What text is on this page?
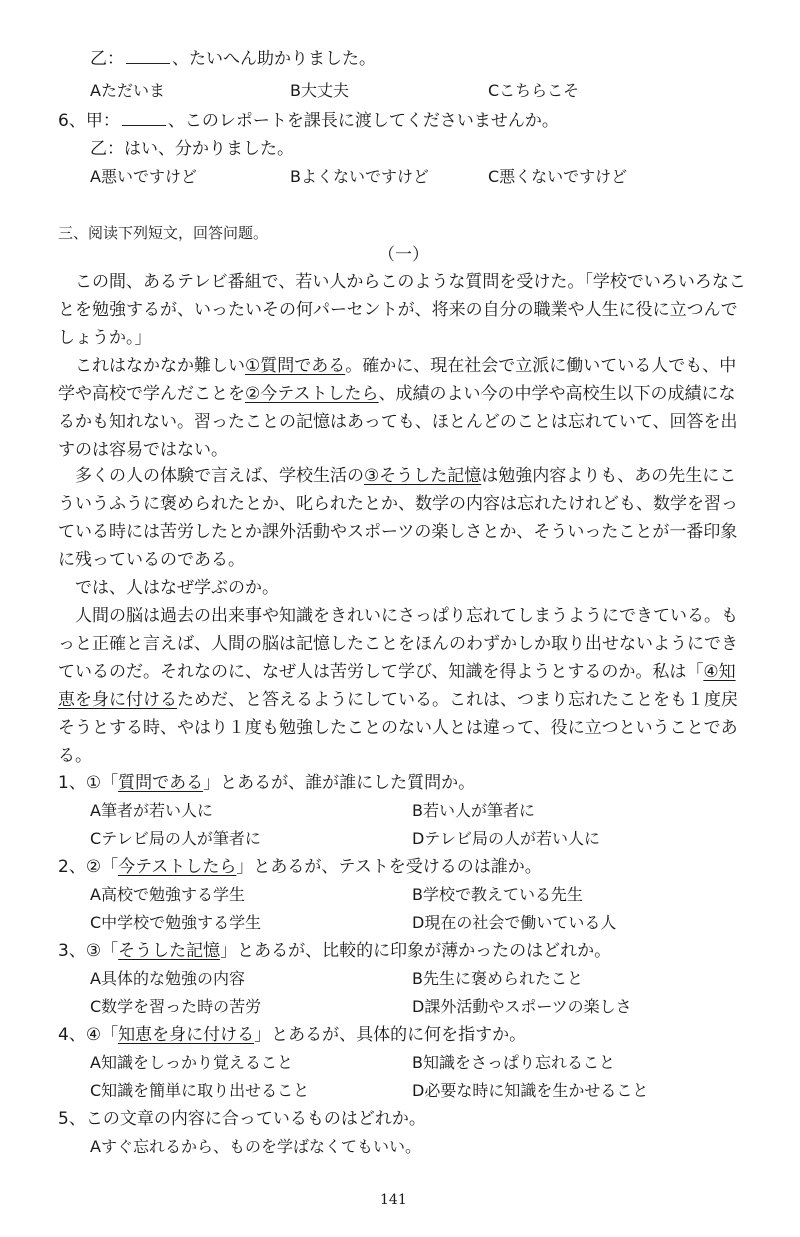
乙：	、たいへん助かりました。
Aただいま	B大丈夫	Cこちらこそ
6、甲：	、このレポートを課長に渡してくださいませんか。
乙：はい、分かりました。
A悪いですけど	Bよくないですけど	C悪くないですけど
三、阅读下列短文，回答问题。
（一）
この間、あるテレビ番組で、若い人からこのような質問を受けた。「学校でいろいろなことを勉強するが、いったいその何パーセントが、将来の自分の職業や人生に役に立つんでしょうか。」
これはなかなか難しい①質問である。確かに、現在社会で立派に働いている人でも、中学や高校で学んだことを②今テストしたら、成績のよい今の中学や高校生以下の成績になるかも知れない。習ったことの記憶はあっても、ほとんどのことは忘れていて、回答を出すのは容易ではない。
多くの人の体験で言えば、学校生活の③そうした記憶は勉強内容よりも、あの先生にこういうふうに褒められたとか、叱られたとか、数学の内容は忘れたけれども、数学を習っている時には苦労したとか課外活動やスポーツの楽しさとか、そういったことが一番印象に残っているのである。
では、人はなぜ学ぶのか。
人間の脳は過去の出来事や知識をきれいにさっぱり忘れてしまうようにできている。もっと正確と言えば、人間の脳は記憶したことをほんのわずかしか取り出せないようにできているのだ。それなのに、なぜ人は苦労して学び、知識を得ようとするのか。私は「④知恵を身に付けるためだ、と答えるようにしている。これは、つまり忘れたことをも１度戻そうとする時、やはり１度も勉強したことのない人とは違って、役に立つということである。
1、①「質問である」とあるが、誰が誰にした質問か。
A筆者が若い人に	B若い人が筆者に
Cテレビ局の人が筆者に	Dテレビ局の人が若い人に
2、②「今テストしたら」とあるが、テストを受けるのは誰か。
A高校で勉強する学生	B学校で教えている先生
C中学校で勉強する学生	D現在の社会で働いている人
3、③「そうした記憶」とあるが、比較的に印象が薄かったのはどれか。
A具体的な勉強の内容	B先生に褒められたこと
C数学を習った時の苦労	D課外活動やスポーツの楽しさ
4、④「知恵を身に付ける」とあるが、具体的に何を指すか。
A知識をしっかり覚えること	B知識をさっぱり忘れること
C知識を簡単に取り出せること	D必要な時に知識を生かせること
5、この文章の内容に合っているものはどれか。
Aすぐ忘れるから、ものを学ばなくてもいい。
141
